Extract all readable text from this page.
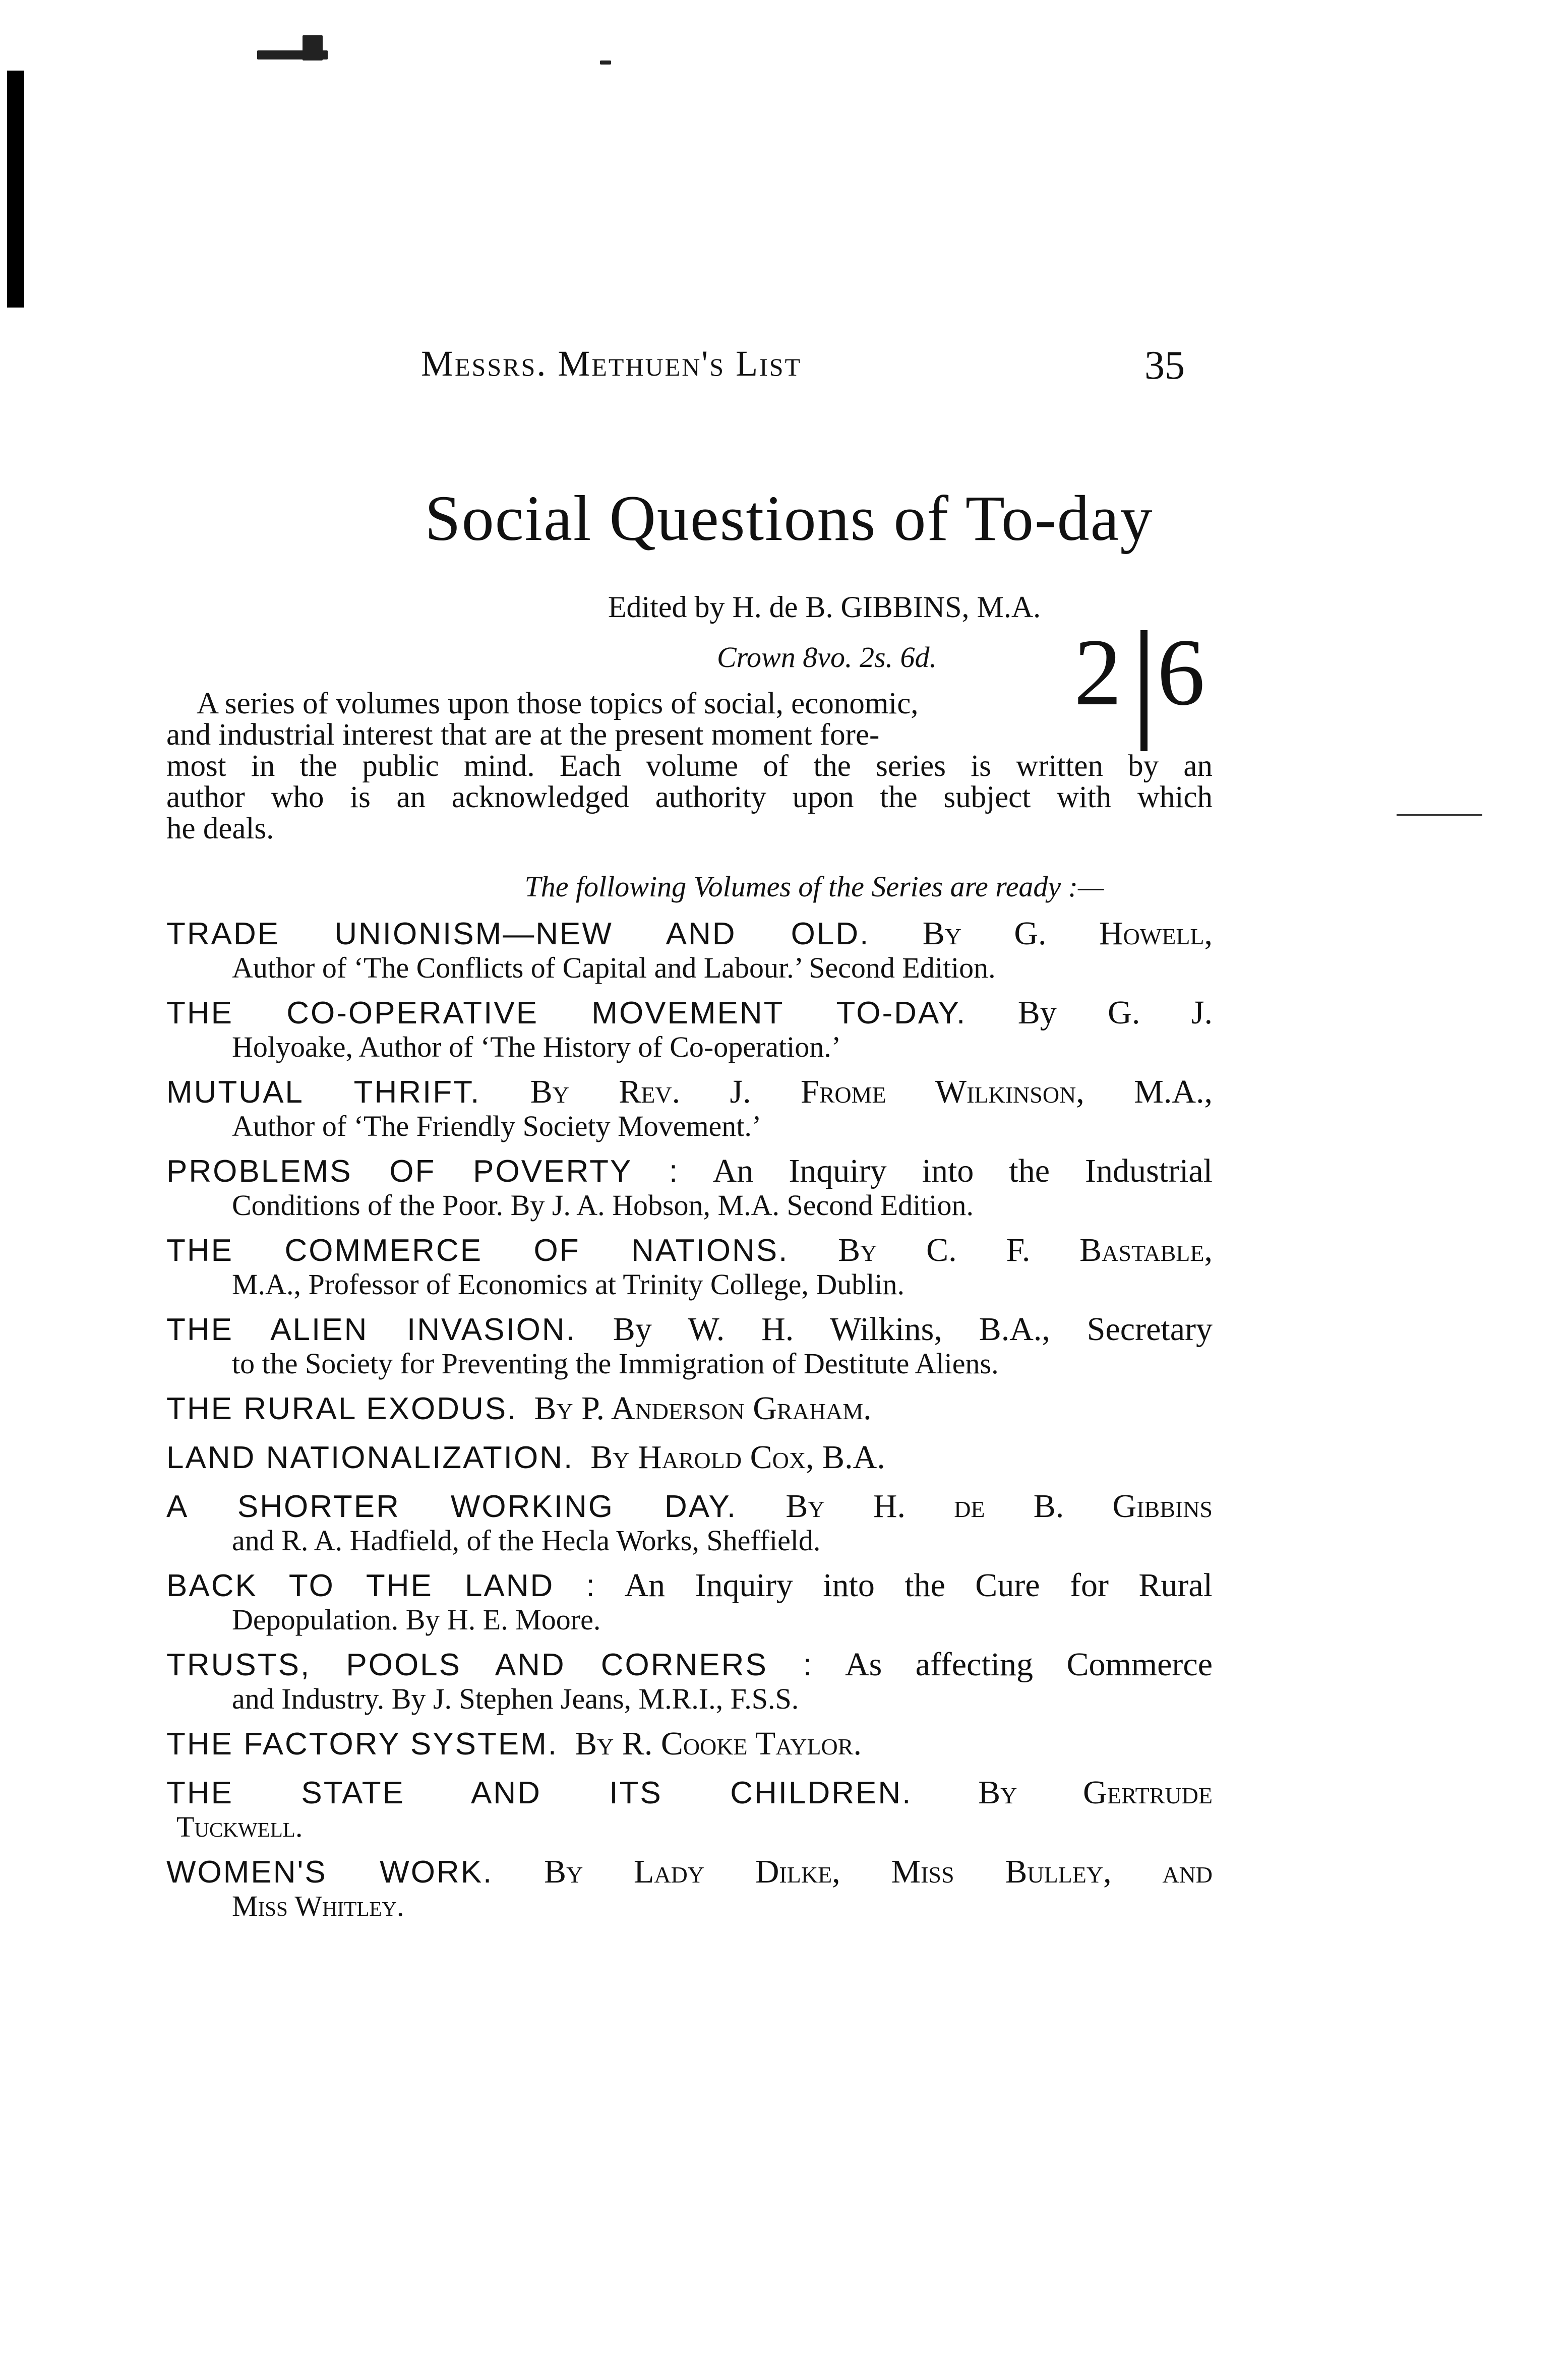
Messrs. Methuen's List	35
Social Questions of To-day
Edited by H. de B. GIBBINS, M.A.
Crown 8vo. 2s. 6d.	2 6
A series of volumes upon those topics of social, economic,
and industrial interest that are at the present moment fore-
most in the public mind. Each volume of the series is written by an
author who is an acknowledged authority upon the subject with which
he deals.
The following Volumes of the Series are ready :—
TRADE UNIONISM—NEW AND OLD. By G. Howell,
Author of ‘The Conflicts of Capital and Labour.’ Second Edition.
THE CO-OPERATIVE MOVEMENT TO-DAY. By G. J.
Holyoake, Author of ‘The History of Co-operation.’
MUTUAL THRIFT. By Rev. J. Frome Wilkinson, M.A.,
Author of ‘The Friendly Society Movement.’
PROBLEMS OF POVERTY : An Inquiry into the Industrial
Conditions of the Poor. By J. A. Hobson, M.A. Second Edition.
THE COMMERCE OF NATIONS. By C. F. Bastable,
M.A., Professor of Economics at Trinity College, Dublin.
THE ALIEN INVASION. By W. H. Wilkins, B.A., Secretary
to the Society for Preventing the Immigration of Destitute Aliens.
THE RURAL EXODUS. By P. Anderson Graham.
LAND NATIONALIZATION. By Harold Cox, B.A.
A SHORTER WORKING DAY. By H. de B. Gibbins
and R. A. Hadfield, of the Hecla Works, Sheffield.
BACK TO THE LAND : An Inquiry into the Cure for Rural
Depopulation. By H. E. Moore.
TRUSTS, POOLS AND CORNERS : As affecting Commerce
and Industry. By J. Stephen Jeans, M.R.I., F.S.S.
THE FACTORY SYSTEM. By R. Cooke Taylor.
THE STATE AND ITS CHILDREN. By Gertrude
Tuckwell.
WOMEN'S WORK. By Lady Dilke, Miss Bulley, and
Miss Whitley.
